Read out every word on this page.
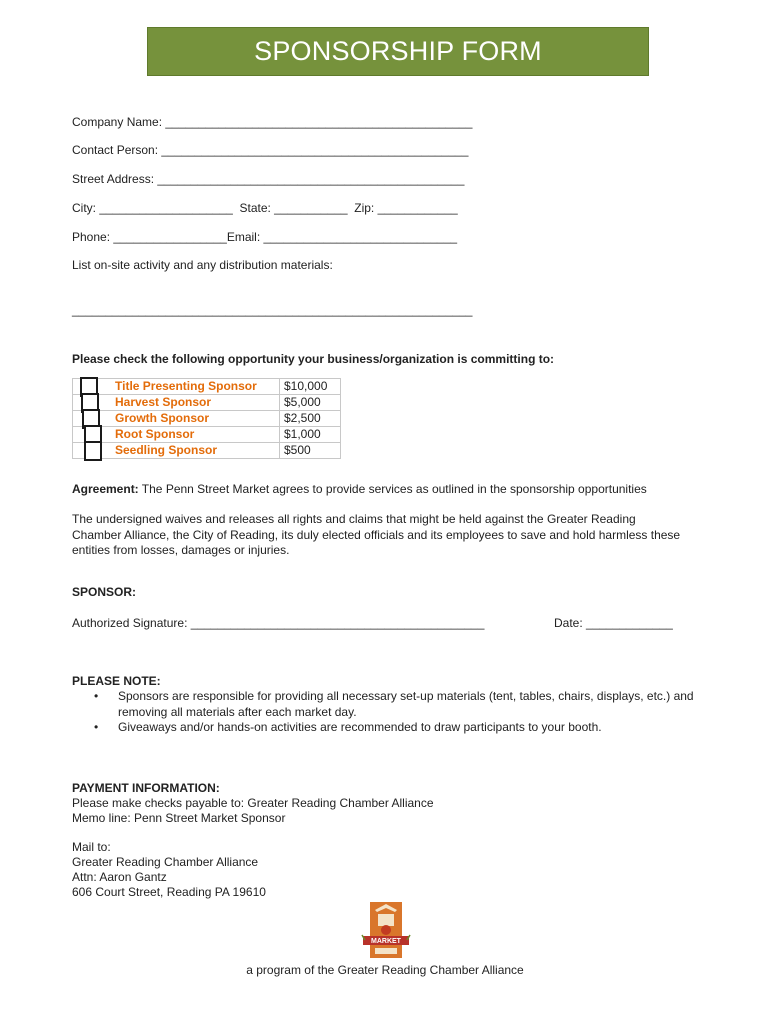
SPONSORSHIP FORM
Company Name: ______________________________________________
Contact Person: ______________________________________________
Street Address: ______________________________________________
City: ____________________  State: ___________  Zip: ____________
Phone: _________________Email: _____________________________
List on-site activity and any distribution materials:
____________________________________________________________
Please check the following opportunity your business/organization is committing to:
Title Presenting Sponsor	$10,000
Harvest Sponsor	$5,000
Growth Sponsor	$2,500
Root Sponsor	$1,000
Seedling Sponsor	$500
Agreement: The Penn Street Market agrees to provide services as outlined in the sponsorship opportunities
The undersigned waives and releases all rights and claims that might be held against the Greater Reading Chamber Alliance, the City of Reading, its duly elected officials and its employees to save and hold harmless these entities from losses, damages or injuries.
SPONSOR:
Authorized Signature: ____________________________________________	Date: _____________
PLEASE NOTE:
• Sponsors are responsible for providing all necessary set-up materials (tent, tables, chairs, displays, etc.) and removing all materials after each market day.
• Giveaways and/or hands-on activities are recommended to draw participants to your booth.
PAYMENT INFORMATION:
Please make checks payable to: Greater Reading Chamber Alliance
Memo line: Penn Street Market Sponsor
Mail to:
Greater Reading Chamber Alliance
Attn: Aaron Gantz
606 Court Street, Reading PA 19610
MARKET
a program of the Greater Reading Chamber Alliance
